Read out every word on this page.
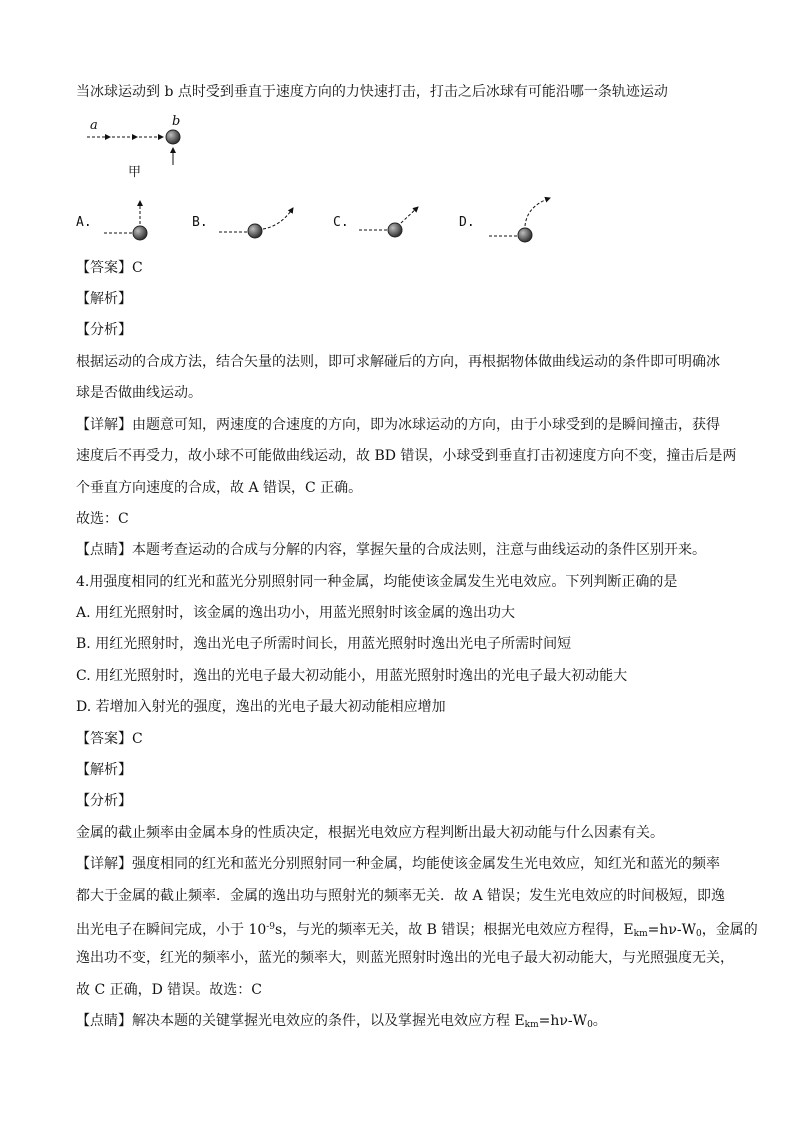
当冰球运动到 b 点时受到垂直于速度方向的力快速打击，打击之后冰球有可能沿哪一条轨迹运动
a	b
甲
A.	B.	C.	D.
【答案】C
【解析】
【分析】
根据运动的合成方法，结合矢量的法则，即可求解碰后的方向，再根据物体做曲线运动的条件即可明确冰
球是否做曲线运动。
【详解】由题意可知，两速度的合速度的方向，即为冰球运动的方向，由于小球受到的是瞬间撞击，获得
速度后不再受力，故小球不可能做曲线运动，故 BD 错误，小球受到垂直打击初速度方向不变，撞击后是两
个垂直方向速度的合成，故 A 错误，C 正确。
故选：C
【点睛】本题考查运动的合成与分解的内容，掌握矢量的合成法则，注意与曲线运动的条件区别开来。
4.用强度相同的红光和蓝光分别照射同一种金属，均能使该金属发生光电效应。下列判断正确的是
A. 用红光照射时，该金属的逸出功小，用蓝光照射时该金属的逸出功大
B. 用红光照射时，逸出光电子所需时间长，用蓝光照射时逸出光电子所需时间短
C. 用红光照射时，逸出的光电子最大初动能小，用蓝光照射时逸出的光电子最大初动能大
D. 若增加入射光的强度，逸出的光电子最大初动能相应增加
【答案】C
【解析】
【分析】
金属的截止频率由金属本身的性质决定，根据光电效应方程判断出最大初动能与什么因素有关。
【详解】强度相同的红光和蓝光分别照射同一种金属，均能使该金属发生光电效应，知红光和蓝光的频率
都大于金属的截止频率．金属的逸出功与照射光的频率无关．故 A 错误；发生光电效应的时间极短，即逸
出光电子在瞬间完成，小于 $10^{-9}s$，与光的频率无关，故 B 错误；根据光电效应方程得，$E_{km}=h\nu-W_0$，金属的
逸出功不变，红光的频率小，蓝光的频率大，则蓝光照射时逸出的光电子最大初动能大，与光照强度无关，
故 C 正确，D 错误。故选：C
【点睛】解决本题的关键掌握光电效应的条件，以及掌握光电效应方程 $E_{km}=h\nu-W_0$。
